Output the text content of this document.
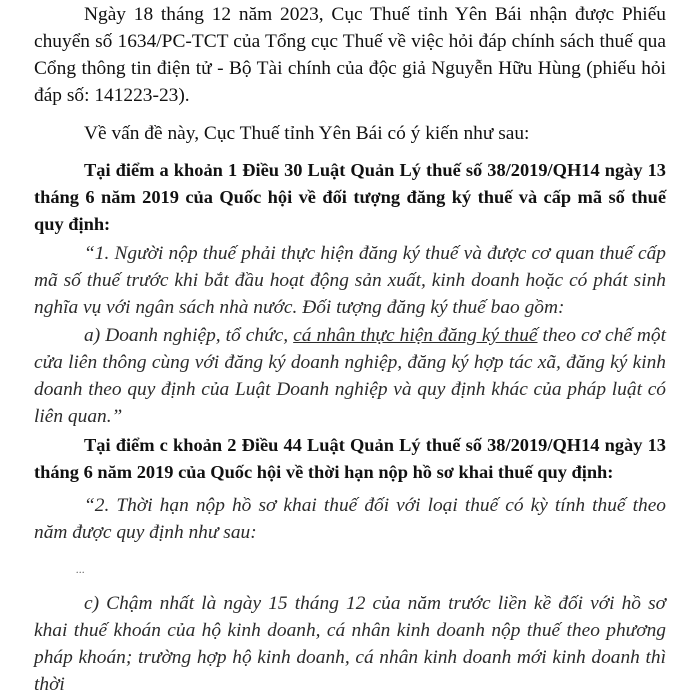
Ngày 18 tháng 12 năm 2023, Cục Thuế tỉnh Yên Bái nhận được Phiếu chuyển số 1634/PC-TCT của Tổng cục Thuế về việc hỏi đáp chính sách thuế qua Cổng thông tin điện tử - Bộ Tài chính của độc giả Nguyễn Hữu Hùng (phiếu hỏi đáp số: 141223-23).

Về vấn đề này, Cục Thuế tỉnh Yên Bái có ý kiến như sau:

Tại điểm a khoản 1 Điều 30 Luật Quản Lý thuế số 38/2019/QH14 ngày 13 tháng 6 năm 2019 của Quốc hội về đối tượng đăng ký thuế và cấp mã số thuế quy định:

“1. Người nộp thuế phải thực hiện đăng ký thuế và được cơ quan thuế cấp mã số thuế trước khi bắt đầu hoạt động sản xuất, kinh doanh hoặc có phát sinh nghĩa vụ với ngân sách nhà nước. Đối tượng đăng ký thuế bao gồm:

a) Doanh nghiệp, tổ chức, cá nhân thực hiện đăng ký thuế theo cơ chế một cửa liên thông cùng với đăng ký doanh nghiệp, đăng ký hợp tác xã, đăng ký kinh doanh theo quy định của Luật Doanh nghiệp và quy định khác của pháp luật có liên quan.”

Tại điểm c khoản 2 Điều 44 Luật Quản Lý thuế số 38/2019/QH14 ngày 13 tháng 6 năm 2019 của Quốc hội về thời hạn nộp hồ sơ khai thuế quy định:

“2. Thời hạn nộp hồ sơ khai thuế đối với loại thuế có kỳ tính thuế theo năm được quy định như sau:

...

c) Chậm nhất là ngày 15 tháng 12 của năm trước liền kề đối với hồ sơ khai thuế khoán của hộ kinh doanh, cá nhân kinh doanh nộp thuế theo phương pháp khoán; trường hợp hộ kinh doanh, cá nhân kinh doanh mới kinh doanh thì thời
